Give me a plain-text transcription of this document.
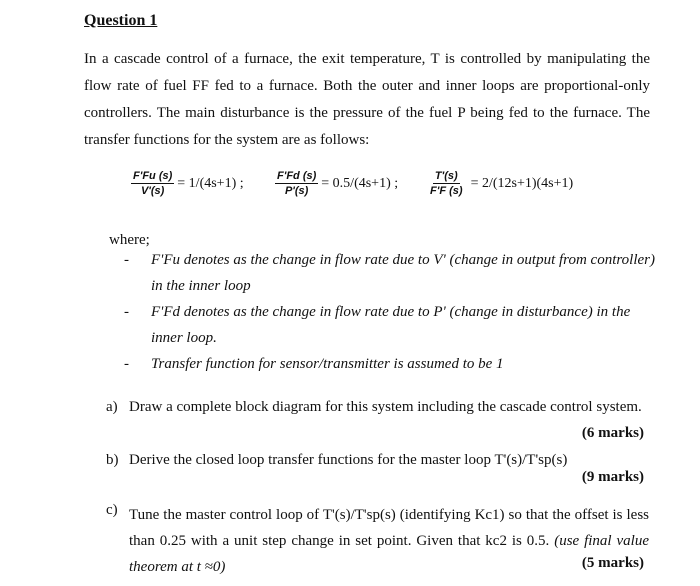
Question 1
In a cascade control of a furnace, the exit temperature, T is controlled by manipulating the flow rate of fuel FF fed to a furnace. Both the outer and inner loops are proportional-only controllers. The main disturbance is the pressure of the fuel P being fed to the furnace. The transfer functions for the system are as follows:
$\frac{F'Fu (s)}{V'(s)} = 1/(4s+1)$ ;	$\frac{F'Fd (s)}{P'(s)} = 0.5/(4s+1)$ ;	$\frac{T'(s)}{F'F (s)} = 2/(12s+1)(4s+1)$
where;
- F'Fu denotes as the change in flow rate due to V' (change in output from controller) in the inner loop
- F'Fd denotes as the change in flow rate due to P' (change in disturbance) in the inner loop.
- Transfer function for sensor/transmitter is assumed to be 1
a) Draw a complete block diagram for this system including the cascade control system.
(6 marks)
b) Derive the closed loop transfer functions for the master loop T'(s)/T'sp(s)
(9 marks)
c) Tune the master control loop of T'(s)/T'sp(s) (identifying Kc1) so that the offset is less than 0.25 with a unit step change in set point. Given that kc2 is 0.5. (use final value theorem at t ≈0)	(5 marks)
